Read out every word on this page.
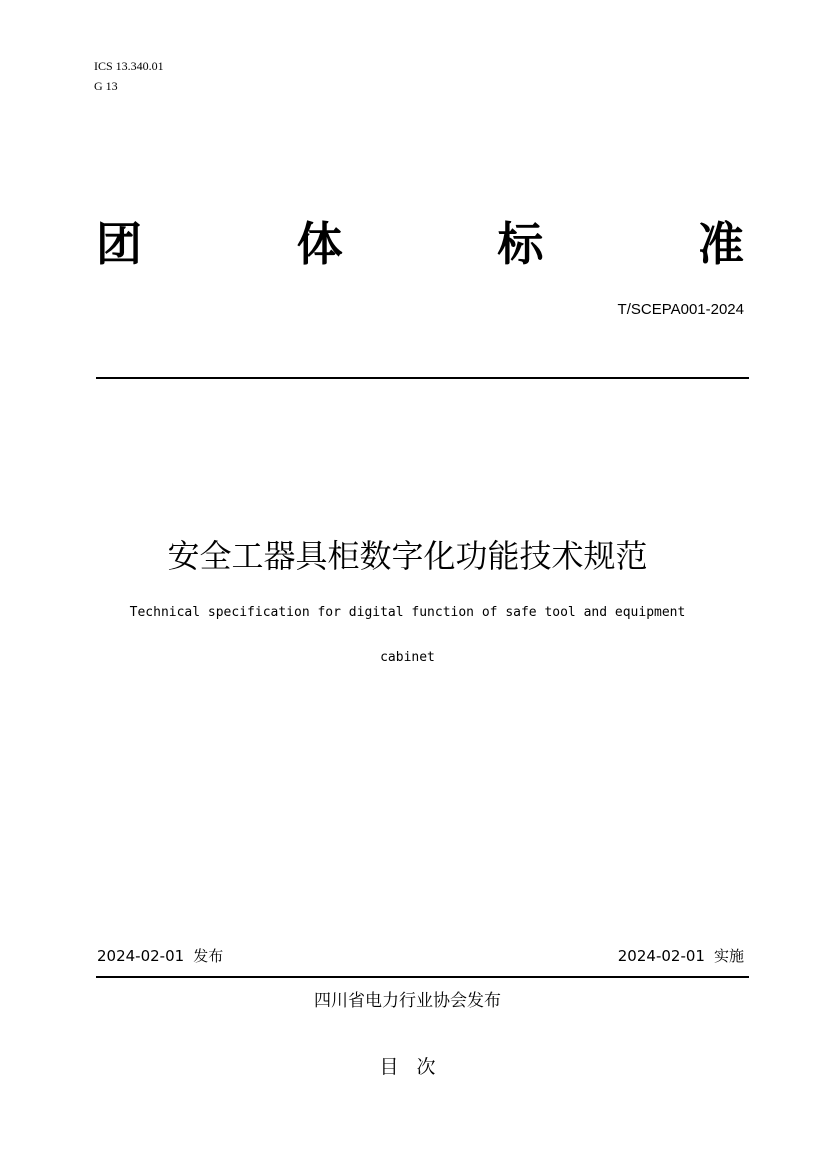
ICS 13.340.01
G 13
团	体	标	准
T/SCEPA001-2024
安全工器具柜数字化功能技术规范
Technical specification for digital function of safe tool and equipment
cabinet
2024-02-01 发布	2024-02-01 实施
四川省电力行业协会发布
目次
